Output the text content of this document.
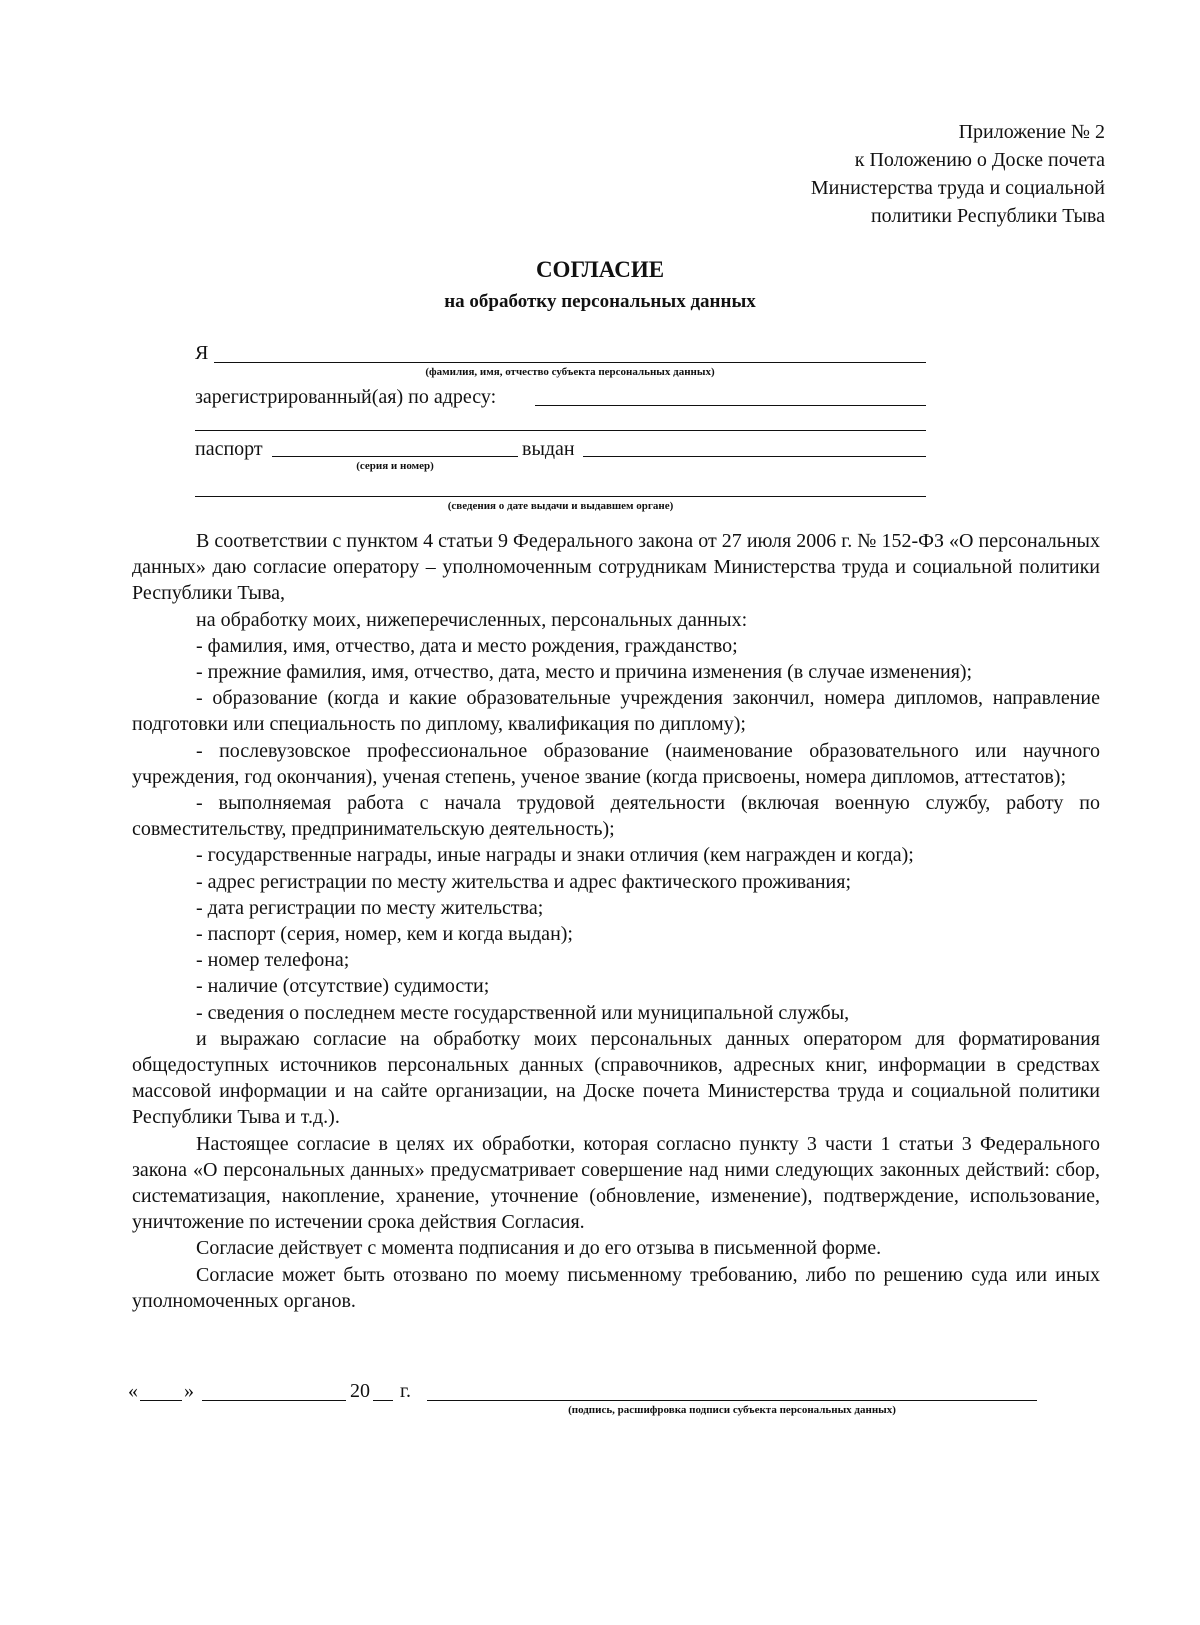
Приложение № 2
к Положению о Доске почета
Министерства труда и социальной
политики Республики Тыва
СОГЛАСИЕ
на обработку персональных данных
Я
(фамилия, имя, отчество субъекта персональных данных)
зарегистрированный(ая) по адресу:
паспорт
(серия и номер)
выдан
(сведения о дате выдачи и выдавшем органе)

В соответствии с пунктом 4 статьи 9 Федерального закона от 27 июля 2006 г. № 152-ФЗ «О персональных данных» даю согласие оператору – уполномоченным сотрудникам Министерства труда и социальной политики Республики Тыва,

на обработку моих, нижеперечисленных, персональных данных:

- фамилия, имя, отчество, дата и место рождения, гражданство;

- прежние фамилия, имя, отчество, дата, место и причина изменения (в случае изменения);

- образование (когда и какие образовательные учреждения закончил, номера дипломов, направление подготовки или специальность по диплому, квалификация по диплому);

- послевузовское профессиональное образование (наименование образовательного или научного учреждения, год окончания), ученая степень, ученое звание (когда присвоены, номера дипломов, аттестатов);

- выполняемая работа с начала трудовой деятельности (включая военную службу, работу по совместительству, предпринимательскую деятельность);

- государственные награды, иные награды и знаки отличия (кем награжден и когда);

- адрес регистрации по месту жительства и адрес фактического проживания;

- дата регистрации по месту жительства;

- паспорт (серия, номер, кем и когда выдан);

- номер телефона;

- наличие (отсутствие) судимости;

- сведения о последнем месте государственной или муниципальной службы,

и выражаю согласие на обработку моих персональных данных оператором для форматирования общедоступных источников персональных данных (справочников, адресных книг, информации в средствах массовой информации и на сайте организации, на Доске почета Министерства труда и социальной политики Республики Тыва и т.д.).

Настоящее согласие в целях их обработки, которая согласно пункту 3 части 1 статьи 3 Федерального закона «О персональных данных» предусматривает совершение над ними следующих законных действий: сбор, систематизация, накопление, хранение, уточнение (обновление, изменение), подтверждение, использование, уничтожение по истечении срока действия Согласия.

Согласие действует с момента подписания и до его отзыва в письменной форме.

Согласие может быть отозвано по моему письменному требованию, либо по решению суда или иных уполномоченных органов.

« »	20 г.
(подпись, расшифровка подписи субъекта персональных данных)
